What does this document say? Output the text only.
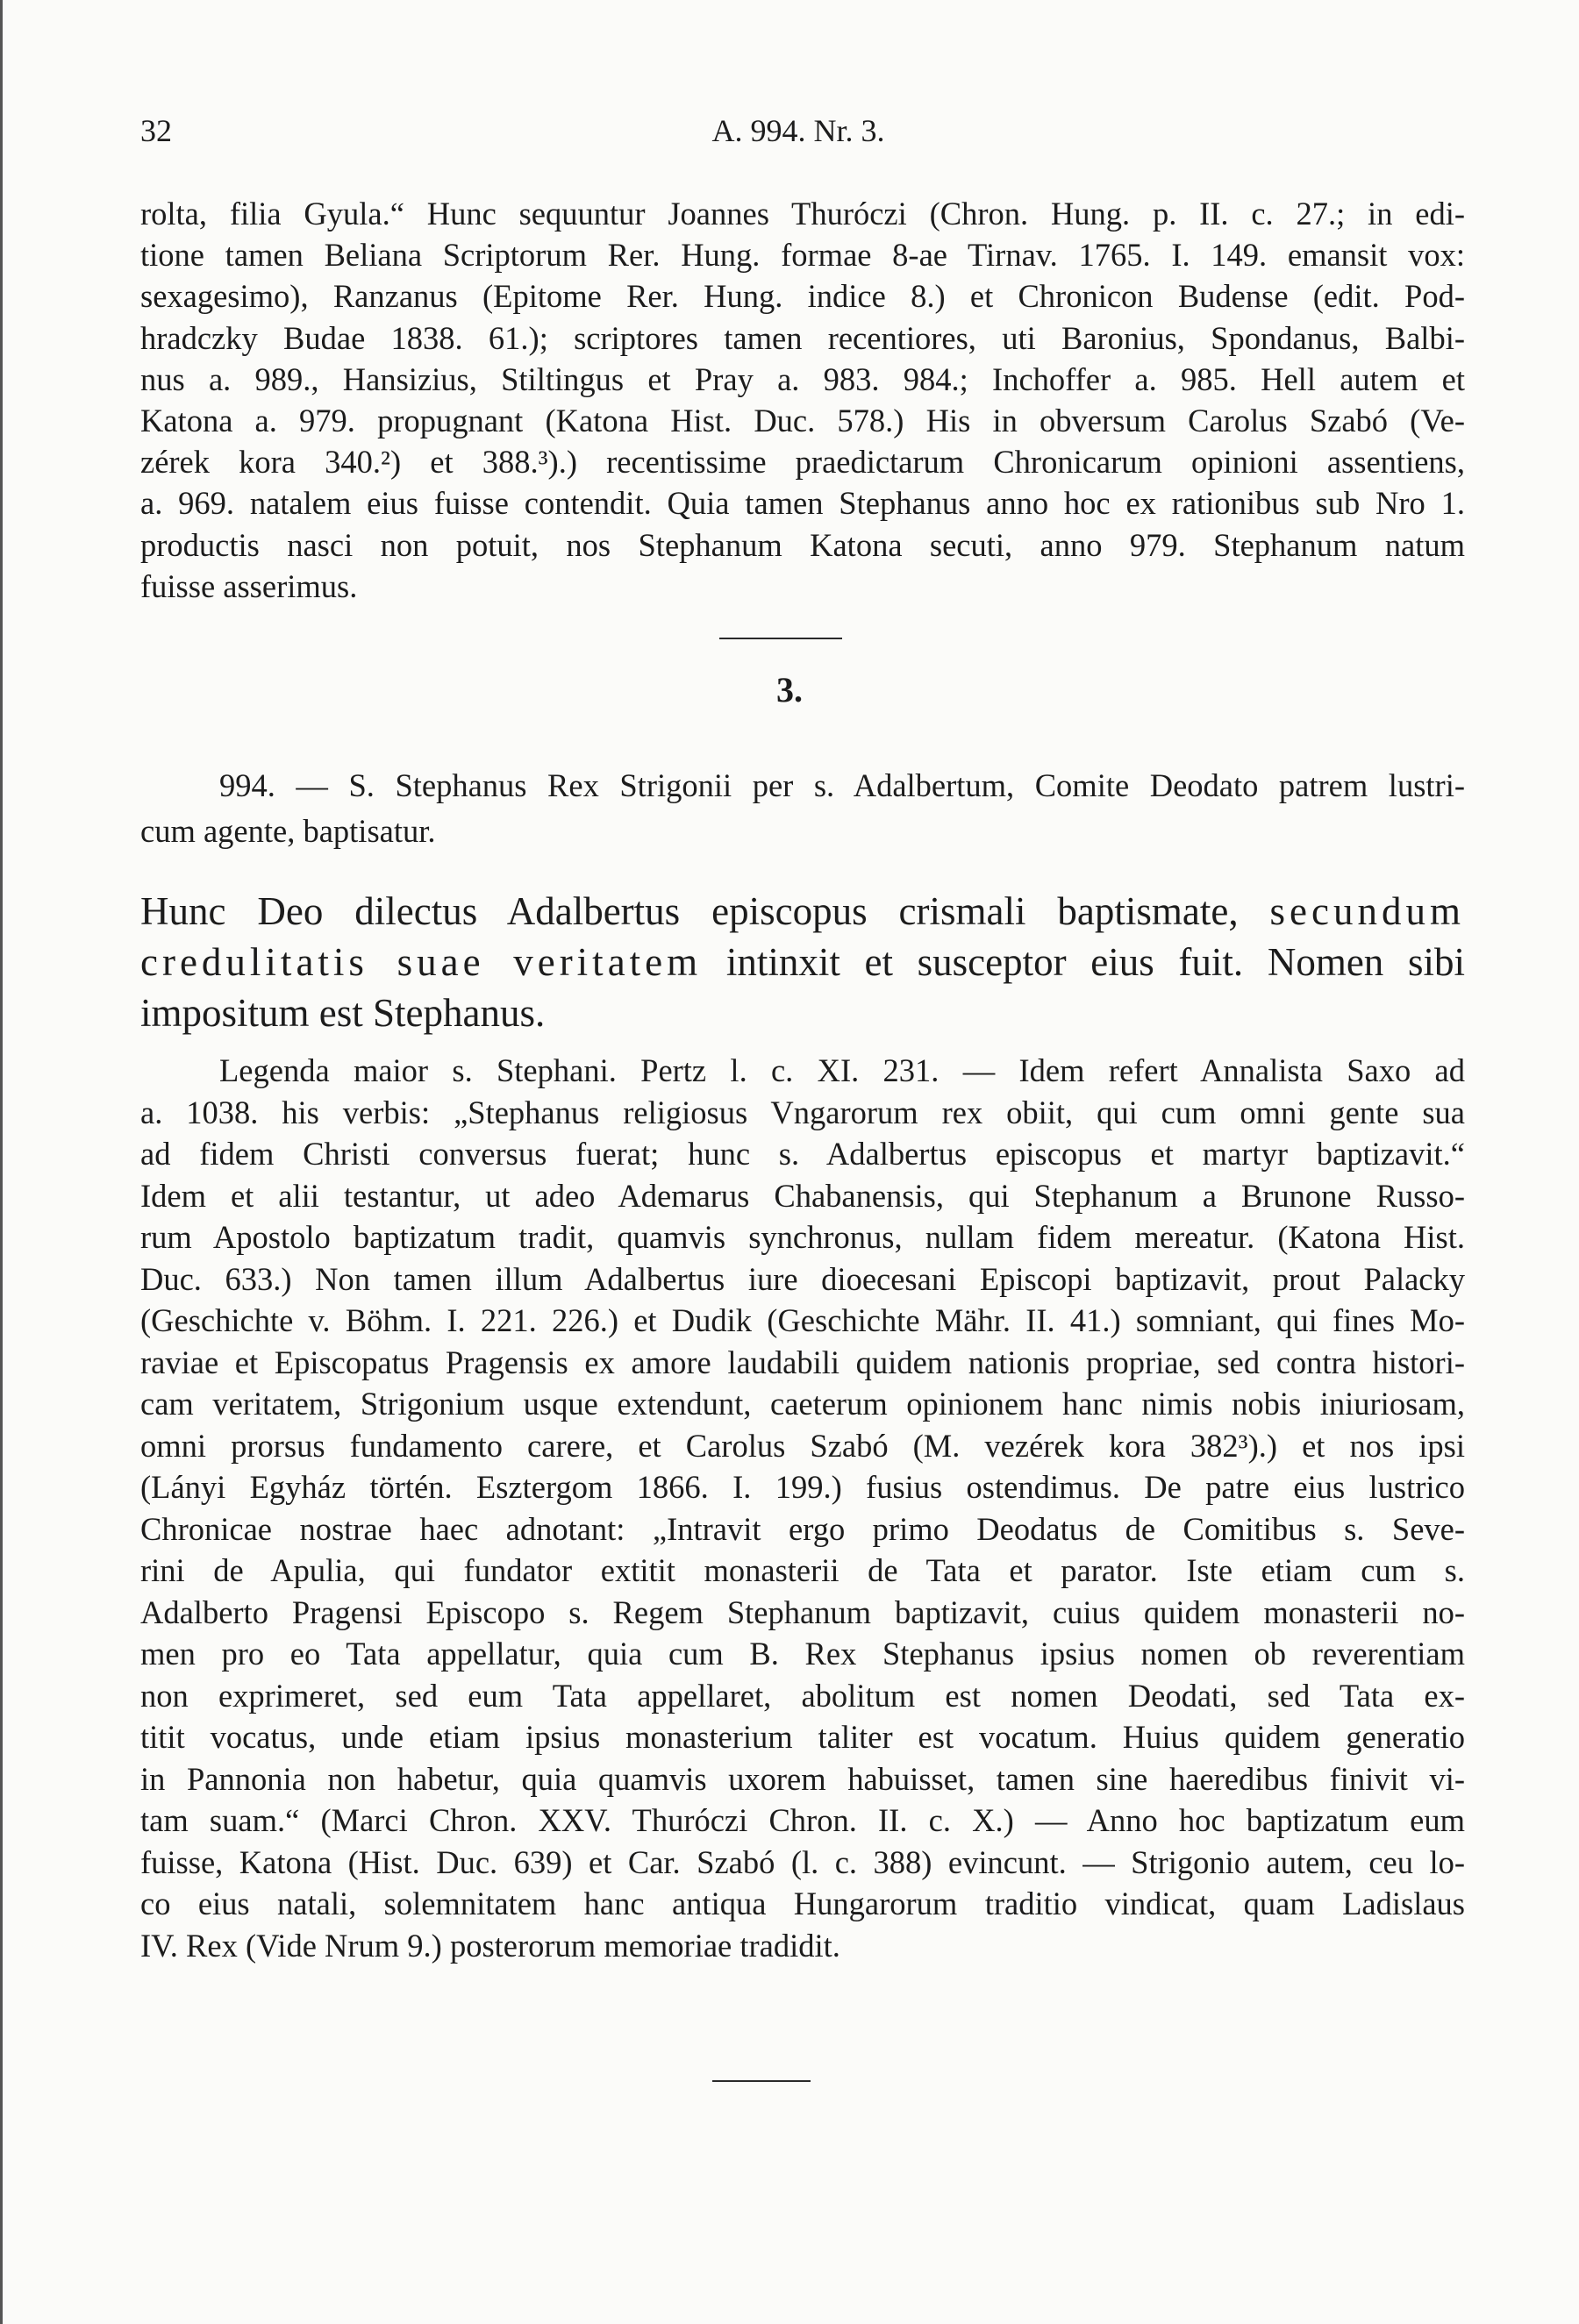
32	A. 994. Nr. 3.
rolta, filia Gyula.“ Hunc sequuntur Joannes Thuróczi (Chron. Hung. p. II. c. 27.; in edi-
tione tamen Beliana Scriptorum Rer. Hung. formae 8-ae Tirnav. 1765. I. 149. emansit vox:
sexagesimo), Ranzanus (Epitome Rer. Hung. indice 8.) et Chronicon Budense (edit. Pod-
hradczky Budae 1838. 61.); scriptores tamen recentiores, uti Baronius, Spondanus, Balbi-
nus a. 989., Hansizius, Stiltingus et Pray a. 983. 984.; Inchoffer a. 985. Hell autem et
Katona a. 979. propugnant (Katona Hist. Duc. 578.) His in obversum Carolus Szabó (Ve-
zérek kora 340.²) et 388.³).) recentissime praedictarum Chronicarum opinioni assentiens,
a. 969. natalem eius fuisse contendit. Quia tamen Stephanus anno hoc ex rationibus sub Nro 1.
productis nasci non potuit, nos Stephanum Katona secuti, anno 979. Stephanum natum
fuisse asserimus.
3.
994. — S. Stephanus Rex Strigonii per s. Adalbertum, Comite Deodato patrem lustri-
cum agente, baptisatur.
Hunc Deo dilectus Adalbertus episcopus crismali baptismate, secundum
credulitatis suae veritatem intinxit et susceptor eius fuit. Nomen sibi
impositum est Stephanus.
Legenda maior s. Stephani. Pertz l. c. XI. 231. — Idem refert Annalista Saxo ad
a. 1038. his verbis: „Stephanus religiosus Vngarorum rex obiit, qui cum omni gente sua
ad fidem Christi conversus fuerat; hunc s. Adalbertus episcopus et martyr baptizavit.“
Idem et alii testantur, ut adeo Ademarus Chabanensis, qui Stephanum a Brunone Russo-
rum Apostolo baptizatum tradit, quamvis synchronus, nullam fidem mereatur. (Katona Hist.
Duc. 633.) Non tamen illum Adalbertus iure dioecesani Episcopi baptizavit, prout Palacky
(Geschichte v. Böhm. I. 221. 226.) et Dudik (Geschichte Mähr. II. 41.) somniant, qui fines Mo-
raviae et Episcopatus Pragensis ex amore laudabili quidem nationis propriae, sed contra histori-
cam veritatem, Strigonium usque extendunt, caeterum opinionem hanc nimis nobis iniuriosam,
omni prorsus fundamento carere, et Carolus Szabó (M. vezérek kora 382³).) et nos ipsi
(Lányi Egyház történ. Esztergom 1866. I. 199.) fusius ostendimus. De patre eius lustrico
Chronicae nostrae haec adnotant: „Intravit ergo primo Deodatus de Comitibus s. Seve-
rini de Apulia, qui fundator extitit monasterii de Tata et parator. Iste etiam cum s.
Adalberto Pragensi Episcopo s. Regem Stephanum baptizavit, cuius quidem monasterii no-
men pro eo Tata appellatur, quia cum B. Rex Stephanus ipsius nomen ob reverentiam
non exprimeret, sed eum Tata appellaret, abolitum est nomen Deodati, sed Tata ex-
titit vocatus, unde etiam ipsius monasterium taliter est vocatum. Huius quidem generatio
in Pannonia non habetur, quia quamvis uxorem habuisset, tamen sine haeredibus finivit vi-
tam suam.“ (Marci Chron. XXV. Thuróczi Chron. II. c. X.) — Anno hoc baptizatum eum
fuisse, Katona (Hist. Duc. 639) et Car. Szabó (l. c. 388) evincunt. — Strigonio autem, ceu lo-
co eius natali, solemnitatem hanc antiqua Hungarorum traditio vindicat, quam Ladislaus
IV. Rex (Vide Nrum 9.) posterorum memoriae tradidit.
